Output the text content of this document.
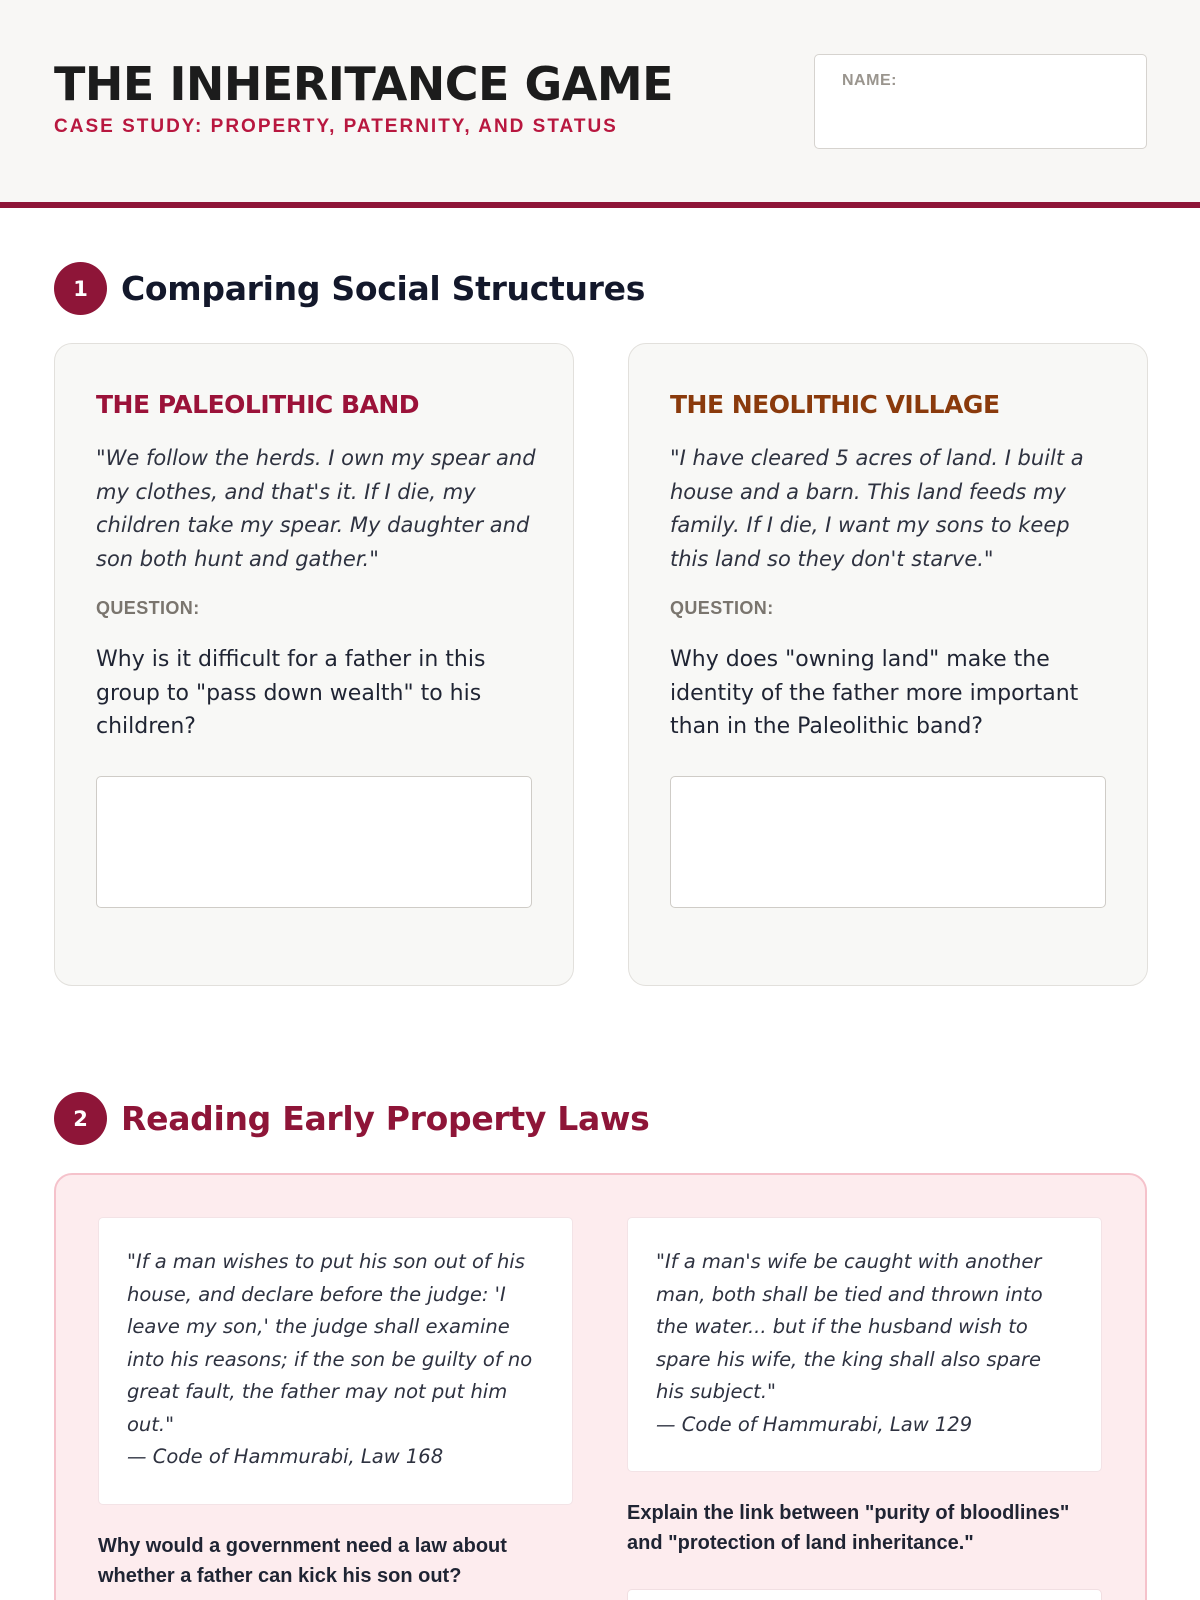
THE INHERITANCE GAME
CASE STUDY: PROPERTY, PATERNITY, AND STATUS
NAME:
1	Comparing Social Structures
THE PALEOLITHIC BAND

"We follow the herds. I own my spear and my clothes, and that's it. If I die, my children take my spear. My daughter and son both hunt and gather."

QUESTION:

Why is it difficult for a father in this group to "pass down wealth" to his children?

THE NEOLITHIC VILLAGE

"I have cleared 5 acres of land. I built a house and a barn. This land feeds my family. If I die, I want my sons to keep this land so they don't starve."

QUESTION:

Why does "owning land" make the identity of the father more important than in the Paleolithic band?

2	Reading Early Property Laws
"If a man wishes to put his son out of his house, and declare before the judge: 'I leave my son,' the judge shall examine into his reasons; if the son be guilty of no great fault, the father may not put him out."
— Code of Hammurabi, Law 168

Why would a government need a law about whether a father can kick his son out?

"If a man's wife be caught with another man, both shall be tied and thrown into the water... but if the husband wish to spare his wife, the king shall also spare his subject."
— Code of Hammurabi, Law 129

Explain the link between "purity of bloodlines" and "protection of land inheritance."
